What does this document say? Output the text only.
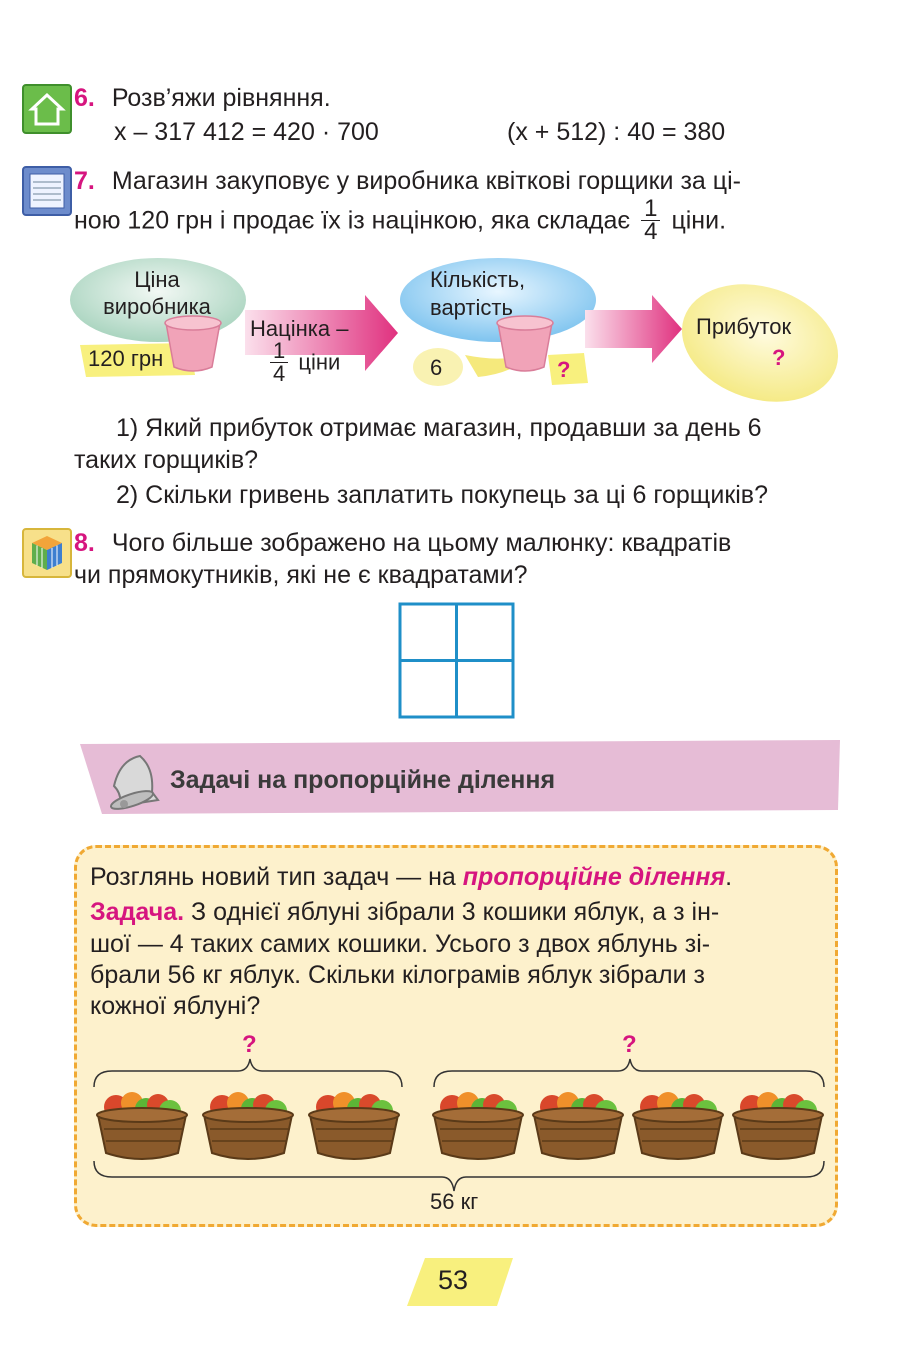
6. Розв’яжи рівняння.
x – 317 412 = 420 · 700	(x + 512) : 40 = 380
7. Магазин закуповує у виробника квіткові горщики за ці-
ною 120 грн і продає їх із націнкою, яка складає $\frac{1}{4}$ ціни.
Ціна виробника
120 грн
Націнка –
$\frac{1}{4}$ ціни
Кількість,
вартість
6	?
Прибуток
?
1) Який прибуток отримає магазин, продавши за день 6
таких горщиків?
2) Скільки гривень заплатить покупець за ці 6 горщиків?
8. Чого більше зображено на цьому малюнку: квадратів
чи прямокутників, які не є квадратами?
Задачі на пропорційне ділення
Розглянь новий тип задач — на пропорційне ділення.
Задача. З однієї яблуні зібрали 3 кошики яблук, а з ін-
шої — 4 таких самих кошики. Усього з двох яблунь зі-
брали 56 кг яблук. Скільки кілограмів яблук зібрали з
кожної яблуні?
?	?
56 кг
53
